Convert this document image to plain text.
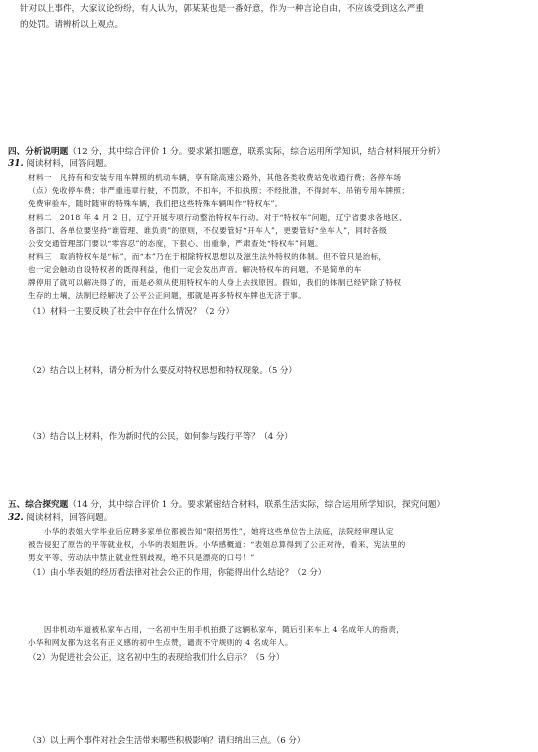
针对以上事件，大家议论纷纷，有人认为，郭某某也是一番好意，作为一种言论自由，不应该受到这么严重
的处罚。请辨析以上观点。
四、分析说明题（12 分，其中综合评价 1 分。要求紧扣题意，联系实际，综合运用所学知识，结合材料展开分析）
31. 阅读材料，回答问题。
材料一　凡持有和安装专用车牌照的机动车辆，享有除高速公路外，其他各类收费站免收通行费；各停车场
（点）免收停车费；非严重违章行驶，不罚款，不扣车，不扣执照；不经批准，不得封车、吊销专用车牌照；
免费审验车，随时随审的特殊车辆，我们把这些特殊车辆叫作“特权车”。
材料二　2018 年 4 月 2 日，辽宁开展专项行动整治特权车行动。对于“特权车”问题，辽宁省要求各地区、
各部门、各单位要坚持“谁管理、谁负责”的原则，不仅要管好“开车人”，更要管好“坐车人”，同时各级
公安交通管理部门要以“零容忍”的态度，下狠心、出重拳，严肃查处“特权车”问题。
材料三　取消特权车是“标”，而“本”乃在于根除特权思想以及滋生法外特权的体制。但不管只是治标，
也一定会触动自设特权者的既得利益，他们一定会发出声音。解决特权车的问题，不是简单的车
牌停用了就可以解决得了的，而是必须从使用特权车的人身上去找原因。假如，我们的体制已经铲除了特权
生存的土壤，法制已经解决了公平公正问题，那就是再多特权车牌也无济于事。
（1）材料一主要反映了社会中存在什么情况？（2 分）
（2）结合以上材料，请分析为什么要反对特权思想和特权现象。（5 分）
（3）结合以上材料，作为新时代的公民，如何参与践行平等？（4 分）
五、综合探究题（14 分，其中综合评价 1 分。要求紧密结合材料，联系生活实际，综合运用所学知识，探究问题）
32. 阅读材料，回答问题。
　　小华的表姐大学毕业后应聘多家单位都被告知“限招男性”，她将这些单位告上法庭，法院经审理认定
被告侵犯了原告的平等就业权，小华的表姐胜诉。小华感概道：“表姐总算得到了公正对待，看来，宪法里的
男女平等、劳动法中禁止就业性别歧视，绝不只是漂亮的口号！”
（1）由小华表姐的经历看法律对社会公正的作用，你能得出什么结论？（2 分）
　　因非机动车道被私家车占用，一名初中生用手机拍摄了这辆私家车，随后引来车上 4 名成年人的指责，
小华和网友都为这名有正义感的初中生点赞，谴责不守规则的 4 名成年人。
（2）为促进社会公正，这名初中生的表现给我们什么启示？（5 分）
（3）以上两个事件对社会生活带来哪些积极影响？请归纳出三点。（6 分）
